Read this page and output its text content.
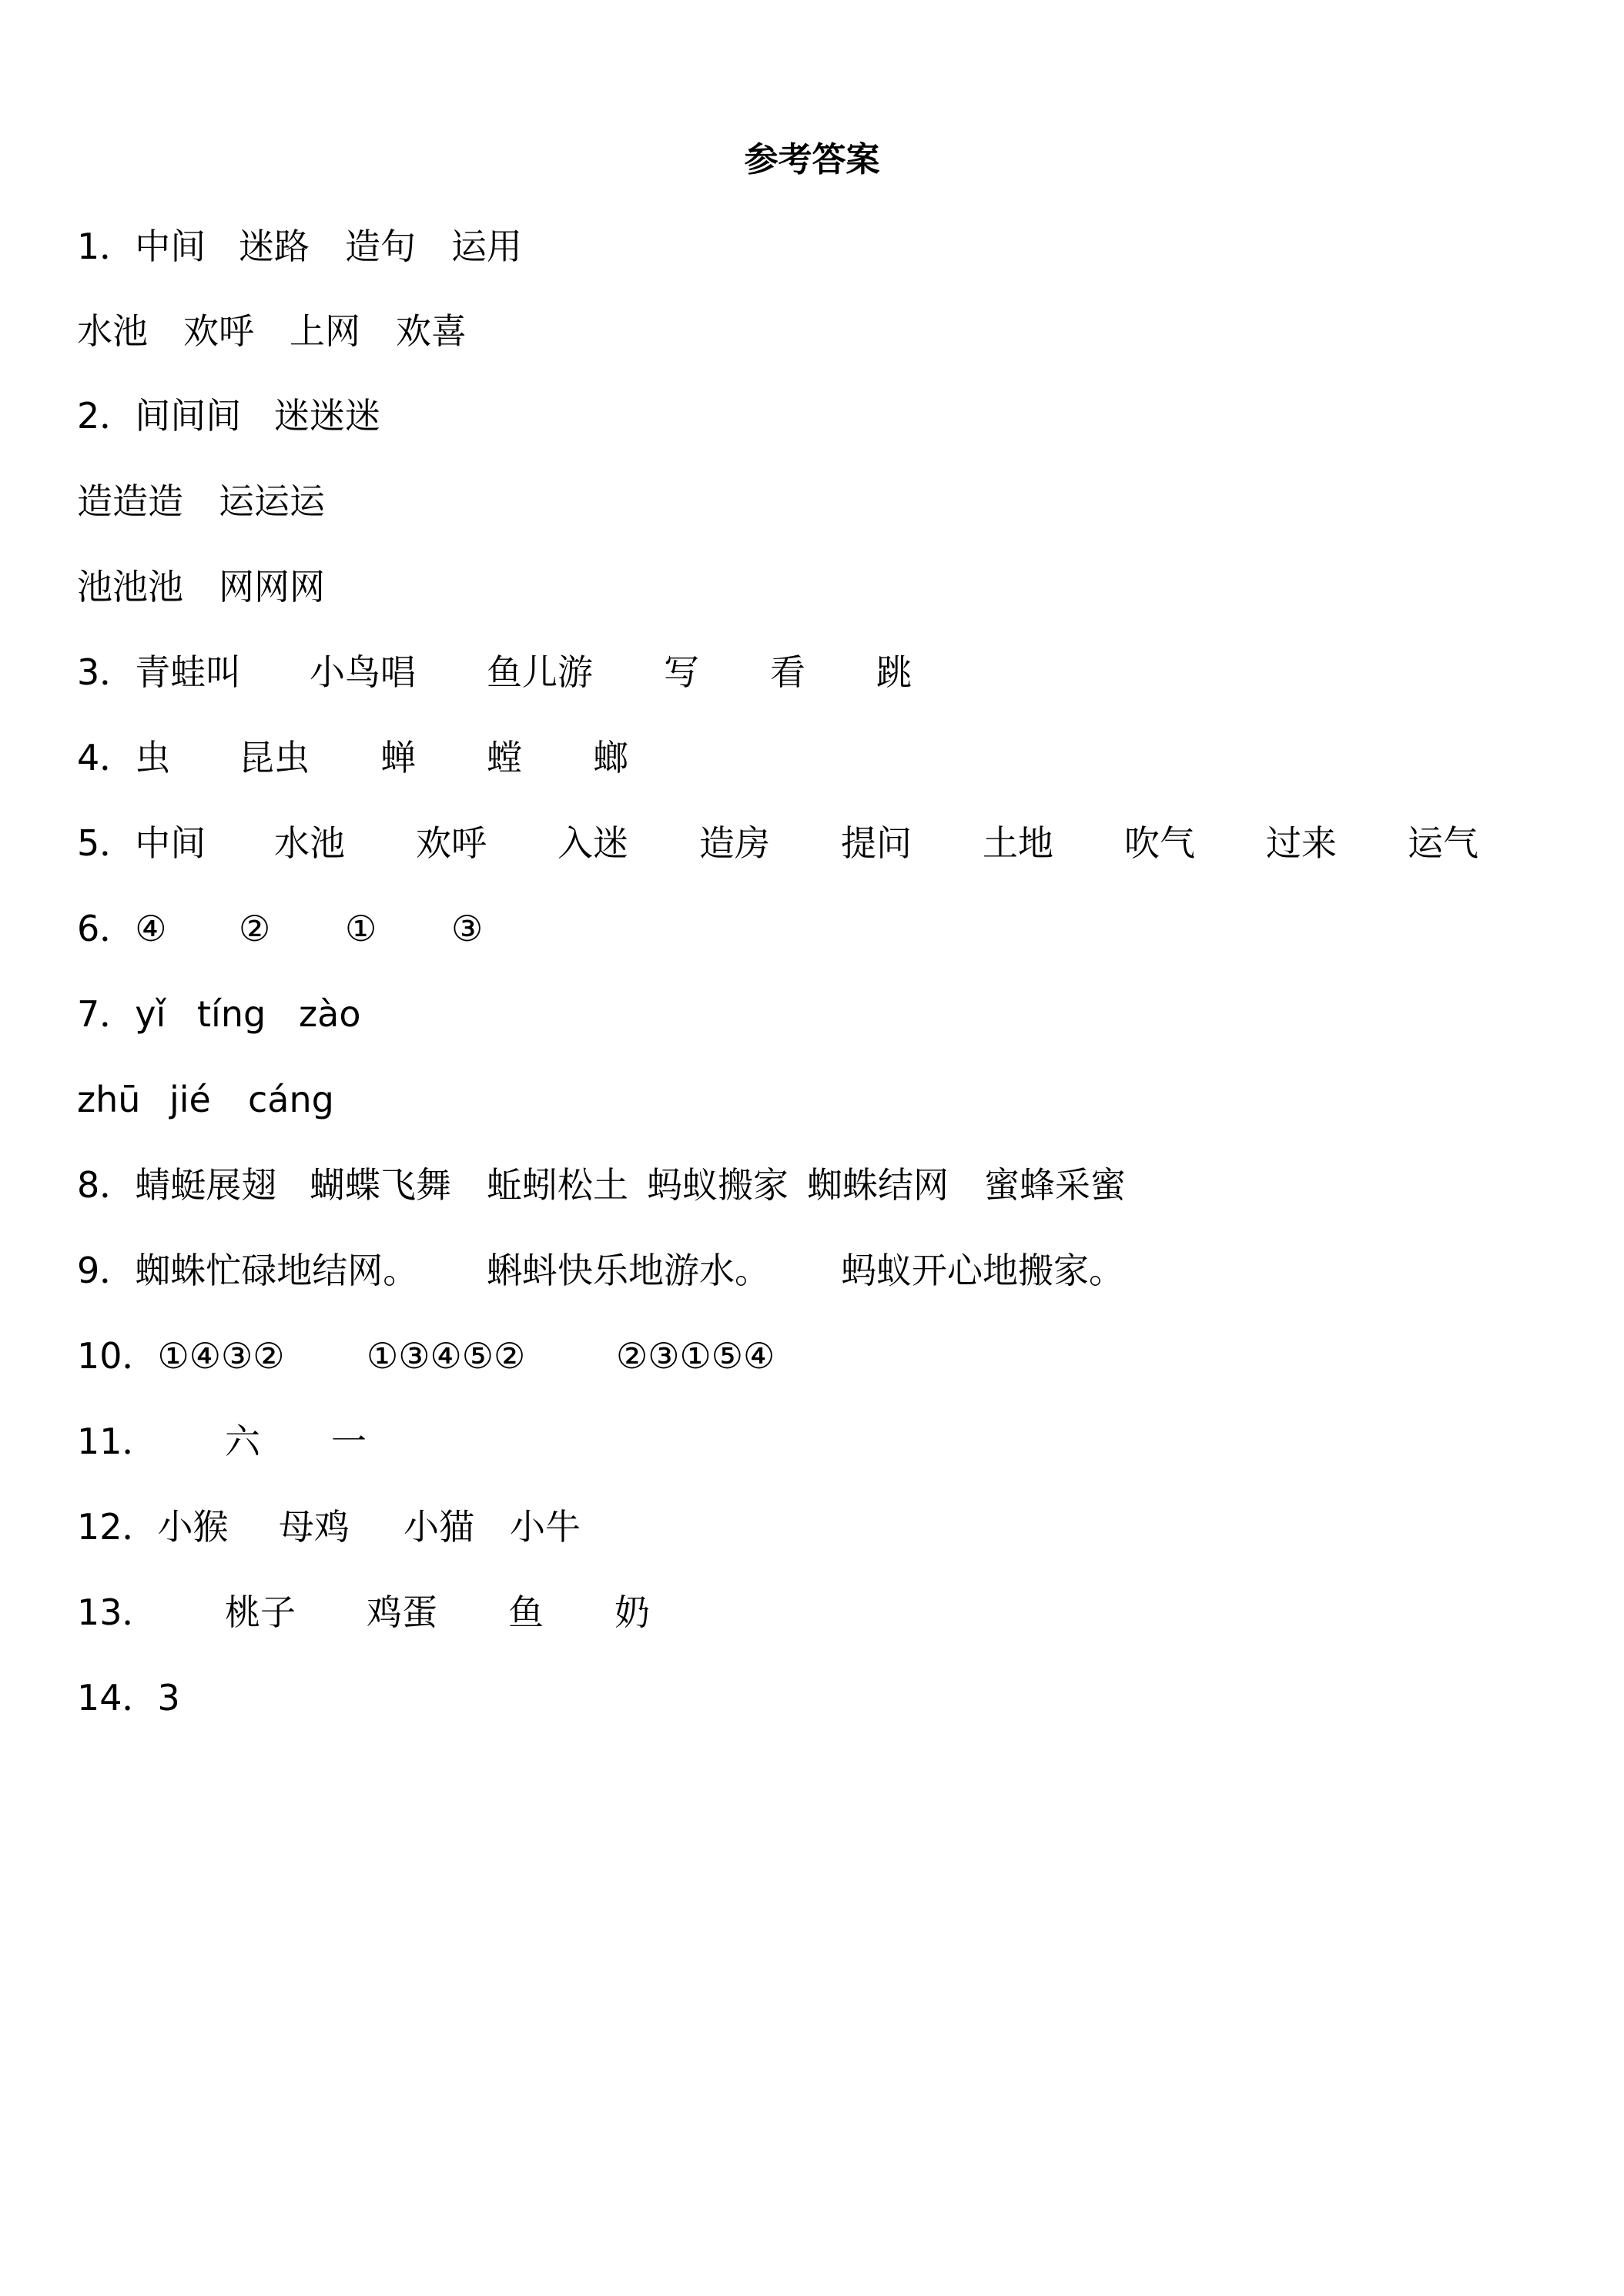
参考答案

1．中间

迷路

造句

运用

水池

欢呼

上网

欢喜

2．间间间

迷迷迷

造造造

运运运

池池池

网网网

3．青蛙叫

小鸟唱

鱼儿游

写

看

跳

4．虫

昆虫

蝉

螳

螂

5．中间

水池

欢呼

入迷

造房

提问

土地

吹气

过来

运气

6．④

②

①

③

7．yǐ

tíng

zào

zhū

jié

cáng

8．蜻蜓展翅

蝴蝶飞舞

蚯蚓松土

蚂蚁搬家

蜘蛛结网

蜜蜂采蜜

9．蜘蛛忙碌地结网。

蝌蚪快乐地游水。

蚂蚁开心地搬家。

10．①④③②

①③④⑤②

	②③①⑤④

11．

六

一

12．小猴

母鸡

小猫

小牛

13．

桃子

鸡蛋

鱼

奶

14．3
